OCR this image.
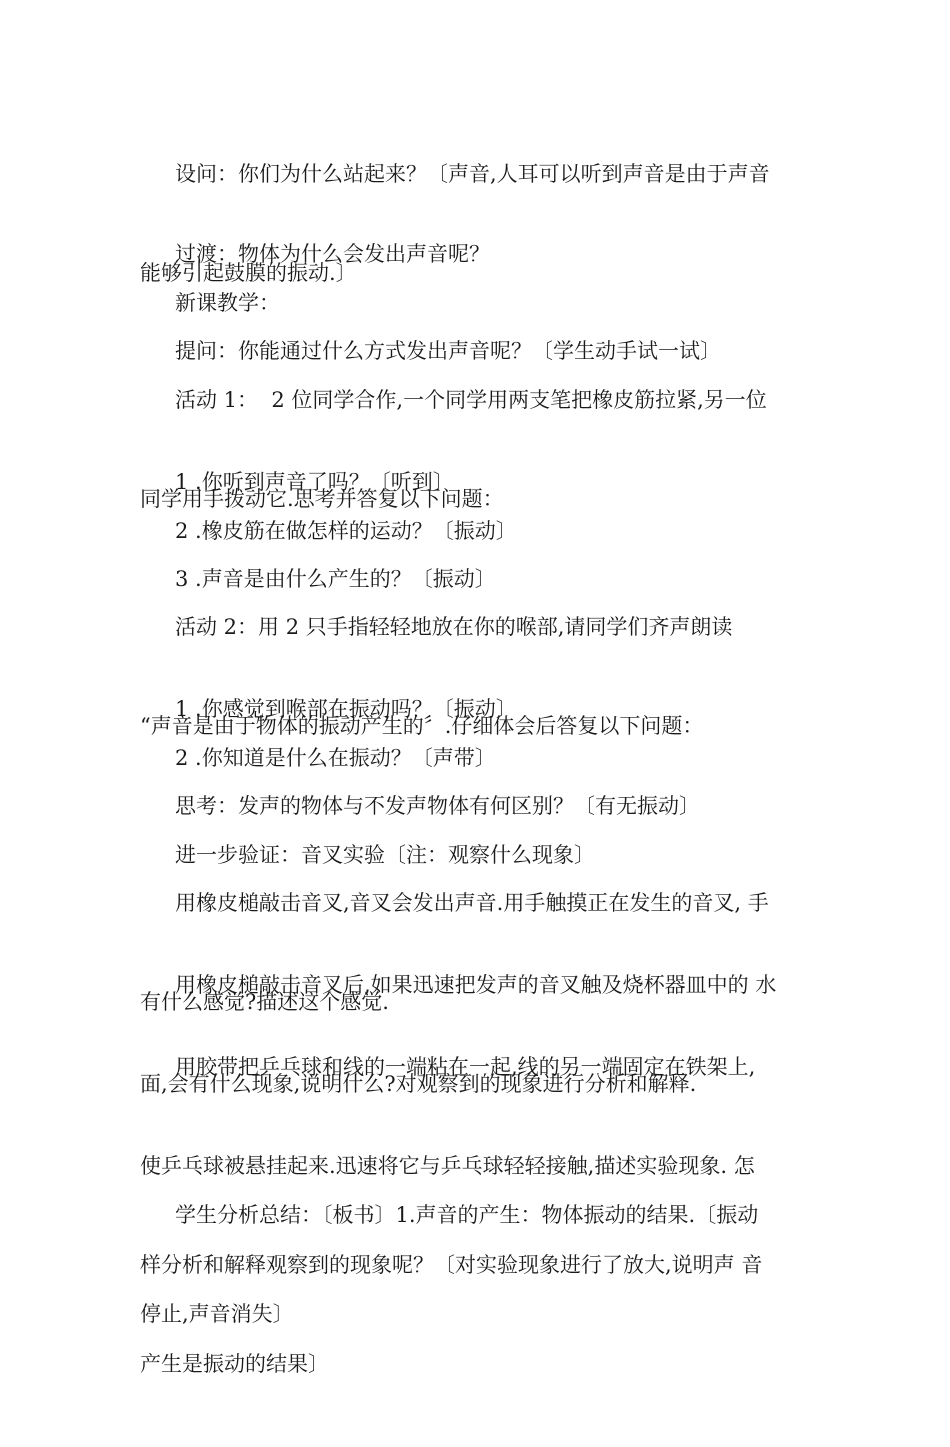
设问：你们为什么站起来？〔声音,人耳可以听到声音是由于声音

能够引起鼓膜的振动.〕

过渡：物体为什么会发出声音呢？

新课教学：

提问：你能通过什么方式发出声音呢？〔学生动手试一试〕

活动 1：  2 位同学合作,一个同学用两支笔把橡皮筋拉紧,另一位

同学用手拨动它.思考并答复以下问题：

1 .你听到声音了吗？〔听到〕

2 .橡皮筋在做怎样的运动？〔振动〕

3 .声音是由什么产生的？〔振动〕

活动 2：用 2 只手指轻轻地放在你的喉部,请同学们齐声朗读

“声音是由于物体的振动产生的〞.仔细体会后答复以下问题：

1 .你感觉到喉部在振动吗？〔振动〕

2 .你知道是什么在振动？〔声带〕

思考：发声的物体与不发声物体有何区别？〔有无振动〕

进一步验证：音叉实验〔注：观察什么现象〕

用橡皮槌敲击音叉,音叉会发出声音.用手触摸正在发生的音叉, 手

有什么感觉?描述这个感觉.

用橡皮槌敲击音叉后,如果迅速把发声的音叉触及烧杯器皿中的 水

面,会有什么现象,说明什么?对观察到的现象进行分析和解释.

用胶带把乒乓球和线的一端粘在一起,线的另一端固定在铁架上,

使乒乓球被悬挂起来.迅速将它与乒乓球轻轻接触,描述实验现象. 怎

样分析和解释观察到的现象呢？〔对实验现象进行了放大,说明声 音

产生是振动的结果〕

学生分析总结：〔板书〕1.声音的产生：物体振动的结果.〔振动

停止,声音消失〕
